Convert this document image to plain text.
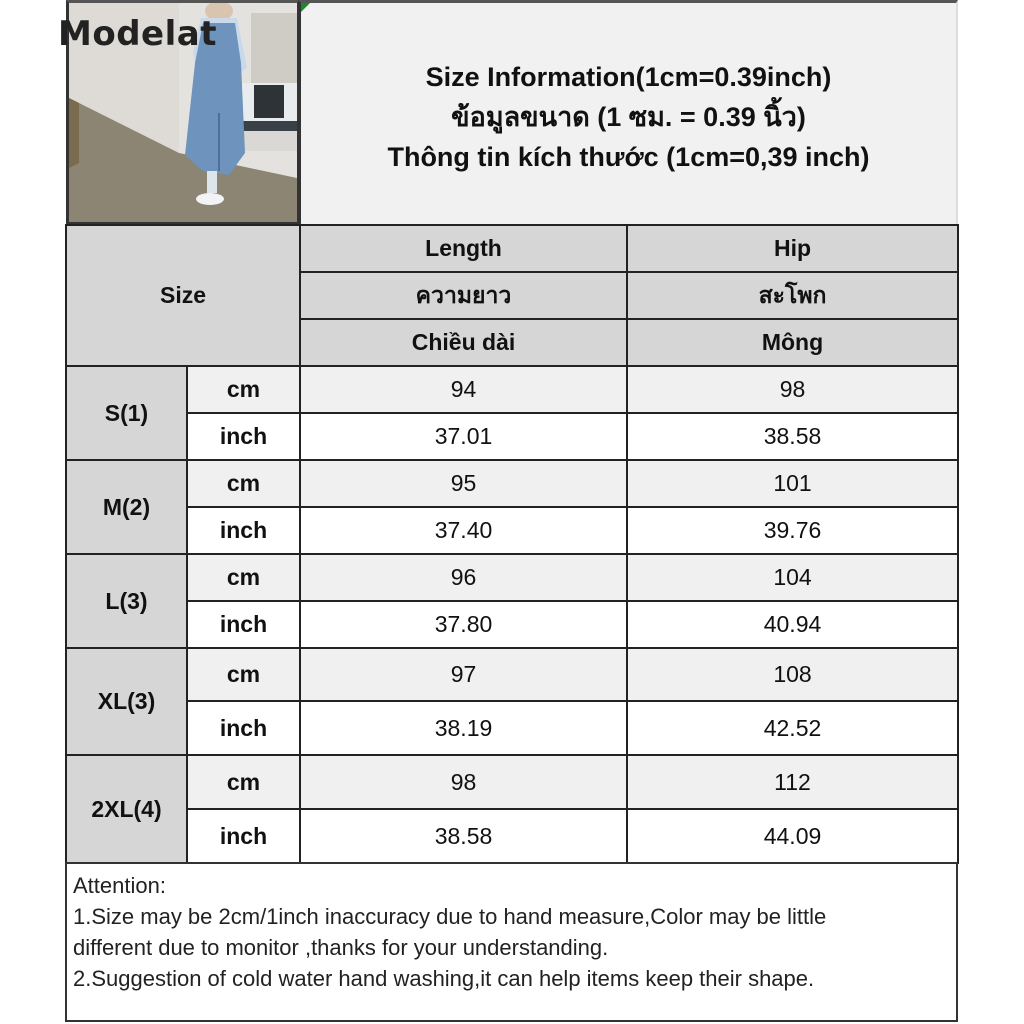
Modelat
Size Information(1cm=0.39inch)
ข้อมูลขนาด (1 ซม. = 0.39 นิ้ว)
Thông tin kích thước (1cm=0,39 inch)
Size		Length	Hip
		ความยาว	สะโพก
		Chiều dài	Mông
S(1)	cm	94	98
	inch	37.01	38.58
M(2)	cm	95	101
	inch	37.40	39.76
L(3)	cm	96	104
	inch	37.80	40.94
XL(3)	cm	97	108
	inch	38.19	42.52
2XL(4)	cm	98	112
	inch	38.58	44.09
Attention:
1.Size may be 2cm/1inch inaccuracy due to hand measure,Color may be little
different due to monitor ,thanks for your understanding.
2.Suggestion of cold water hand washing,it can help items keep their shape.
